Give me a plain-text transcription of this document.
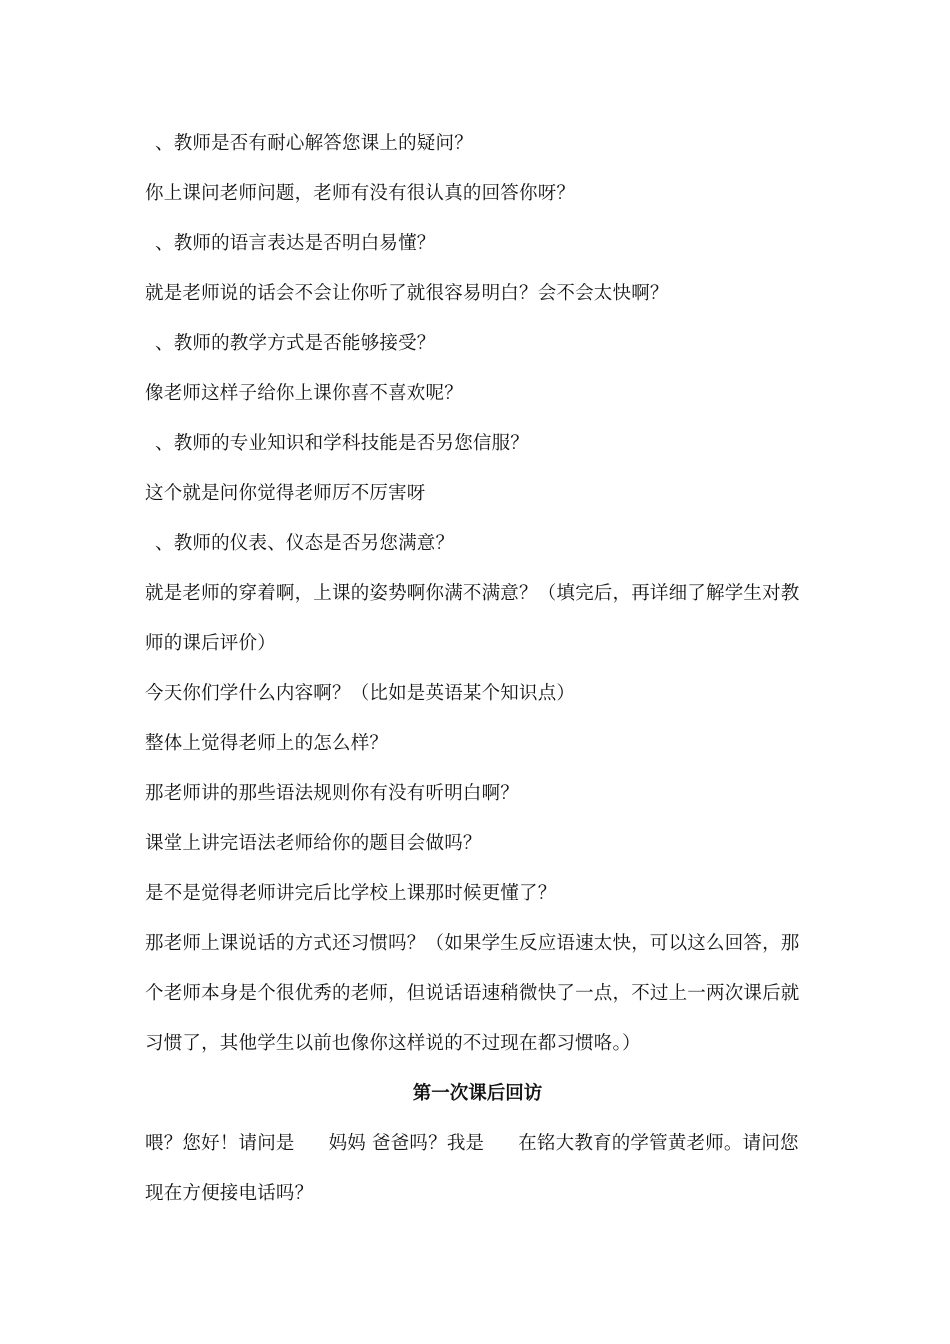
、教师是否有耐心解答您课上的疑问？
你上课问老师问题，老师有没有很认真的回答你呀？
、教师的语言表达是否明白易懂？
就是老师说的话会不会让你听了就很容易明白？会不会太快啊？
、教师的教学方式是否能够接受？
像老师这样子给你上课你喜不喜欢呢？
、教师的专业知识和学科技能是否另您信服？
这个就是问你觉得老师厉不厉害呀
、教师的仪表、仪态是否另您满意？
就是老师的穿着啊，上课的姿势啊你满不满意？（填完后，再详细了解学生对教
师的课后评价）
今天你们学什么内容啊？（比如是英语某个知识点）
整体上觉得老师上的怎么样？
那老师讲的那些语法规则你有没有听明白啊？
课堂上讲完语法老师给你的题目会做吗？
是不是觉得老师讲完后比学校上课那时候更懂了？
那老师上课说话的方式还习惯吗？（如果学生反应语速太快，可以这么回答，那
个老师本身是个很优秀的老师，但说话语速稍微快了一点，不过上一两次课后就
习惯了，其他学生以前也像你这样说的不过现在都习惯咯。）
第一次课后回访
喂？您好！请问是 妈妈 爸爸吗？我是 在铭大教育的学管黄老师。请问您
现在方便接电话吗？
